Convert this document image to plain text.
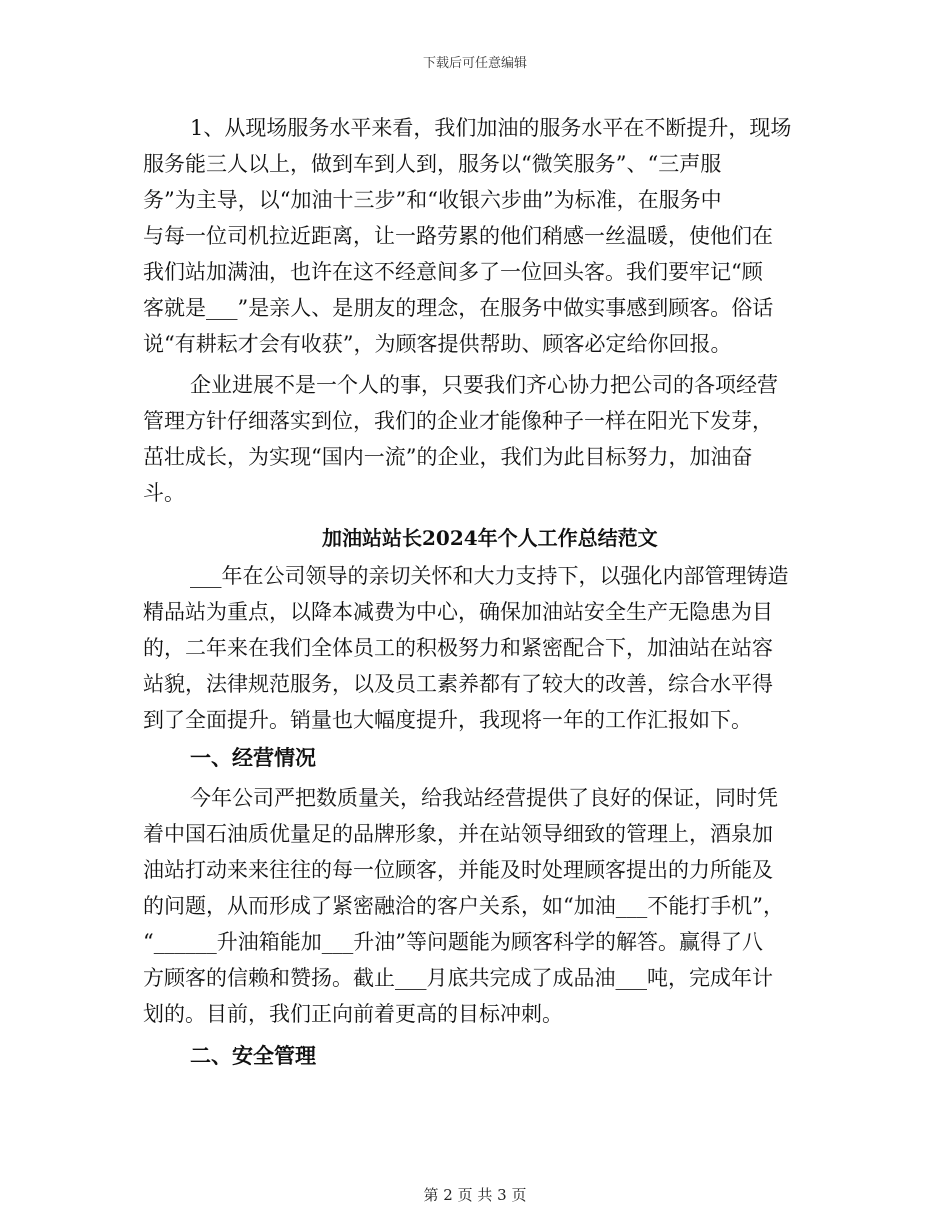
下载后可任意编辑
1、从现场服务水平来看，我们加油的服务水平在不断提升，现场
服务能三人以上，做到车到人到，服务以“微笑服务”、“三声服
务”为主导，以“加油十三步”和“收银六步曲”为标准，在服务中
与每一位司机拉近距离，让一路劳累的他们稍感一丝温暖，使他们在
我们站加满油，也许在这不经意间多了一位回头客。我们要牢记“顾
客就是___”是亲人、是朋友的理念，在服务中做实事感到顾客。俗话
说“有耕耘才会有收获”，为顾客提供帮助、顾客必定给你回报。
企业进展不是一个人的事，只要我们齐心协力把公司的各项经营
管理方针仔细落实到位，我们的企业才能像种子一样在阳光下发芽，
茁壮成长，为实现“国内一流”的企业，我们为此目标努力，加油奋
斗。
加油站站长2024年个人工作总结范文
___年在公司领导的亲切关怀和大力支持下，以强化内部管理铸造
精品站为重点，以降本减费为中心，确保加油站安全生产无隐患为目
的，二年来在我们全体员工的积极努力和紧密配合下，加油站在站容
站貌，法律规范服务，以及员工素养都有了较大的改善，综合水平得
到了全面提升。销量也大幅度提升，我现将一年的工作汇报如下。
一、经营情况
今年公司严把数质量关，给我站经营提供了良好的保证，同时凭
着中国石油质优量足的品牌形象，并在站领导细致的管理上，酒泉加
油站打动来来往往的每一位顾客，并能及时处理顾客提出的力所能及
的问题，从而形成了紧密融洽的客户关系，如“加油___不能打手机”，
“______升油箱能加___升油”等问题能为顾客科学的解答。赢得了八
方顾客的信赖和赞扬。截止___月底共完成了成品油___吨，完成年计
划的。目前，我们正向前着更高的目标冲刺。
二、安全管理
第 2 页 共 3 页
